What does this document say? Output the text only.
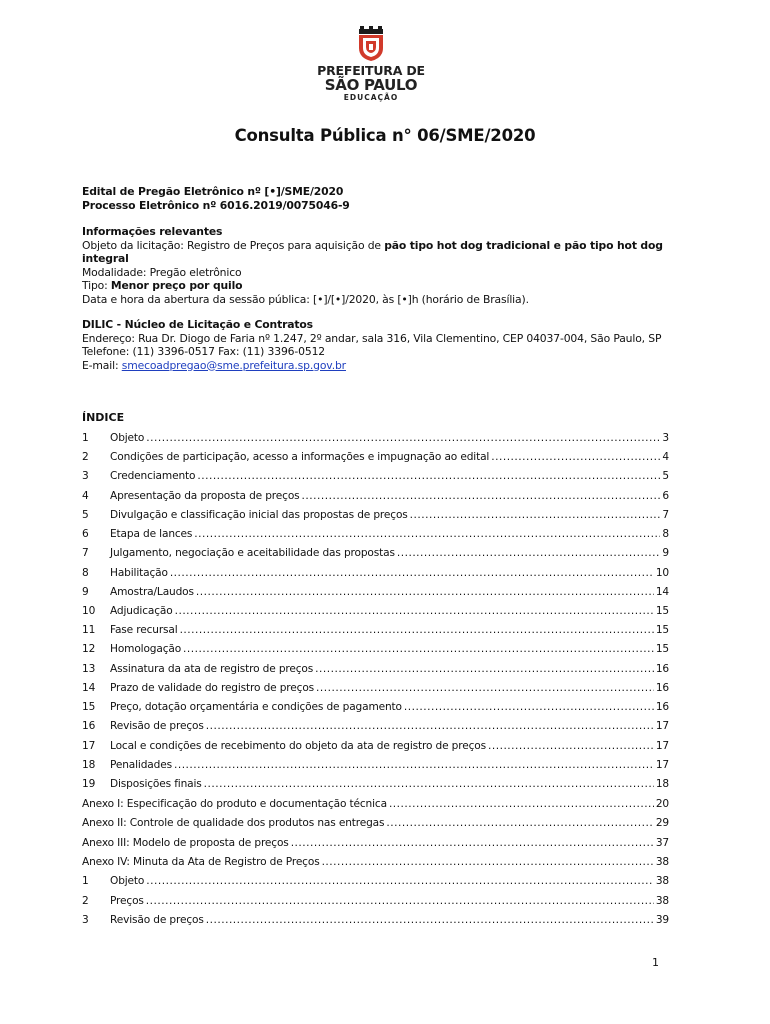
PREFEITURA DE
SÃO PAULO
EDUCAÇÃO
Consulta Pública n° 06/SME/2020
Edital de Pregão Eletrônico nº [•]/SME/2020
Processo Eletrônico nº 6016.2019/0075046-9
Informações relevantes
Objeto da licitação: Registro de Preços para aquisição de pão tipo hot dog tradicional e pão tipo hot dog integral
Modalidade: Pregão eletrônico
Tipo: Menor preço por quilo
Data e hora da abertura da sessão pública: [•]/[•]/2020, às [•]h (horário de Brasília).
DILIC - Núcleo de Licitação e Contratos
Endereço: Rua Dr. Diogo de Faria nº 1.247, 2º andar, sala 316, Vila Clementino, CEP 04037-004, São Paulo, SP
Telefone: (11) 3396-0517 Fax: (11) 3396-0512
E-mail: smecoadpregao@sme.prefeitura.sp.gov.br
ÍNDICE
1	Objeto .....	3
2	Condições de participação, acesso a informações e impugnação ao edital .....	4
3	Credenciamento .....	5
4	Apresentação da proposta de preços .....	6
5	Divulgação e classificação inicial das propostas de preços .....	7
6	Etapa de lances .....	8
7	Julgamento, negociação e aceitabilidade das propostas .....	9
8	Habilitação .....	10
9	Amostra/Laudos .....	14
10	Adjudicação .....	15
11	Fase recursal .....	15
12	Homologação .....	15
13	Assinatura da ata de registro de preços .....	16
14	Prazo de validade do registro de preços .....	16
15	Preço, dotação orçamentária e condições de pagamento .....	16
16	Revisão de preços .....	17
17	Local e condições de recebimento do objeto da ata de registro de preços .....	17
18	Penalidades .....	17
19	Disposições finais .....	18
Anexo I: Especificação do produto e documentação técnica .....	20
Anexo II: Controle de qualidade dos produtos nas entregas .....	29
Anexo III: Modelo de proposta de preços .....	37
Anexo IV: Minuta da Ata de Registro de Preços .....	38
1	Objeto .....	38
2	Preços .....	38
3	Revisão de preços .....	39
1
